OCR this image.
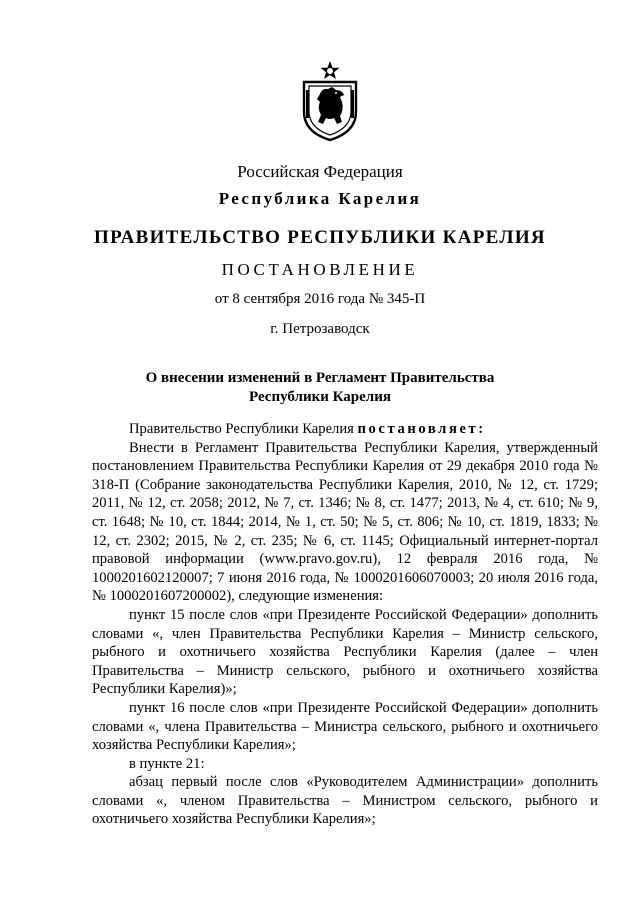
Российская Федерация
Республика Карелия
ПРАВИТЕЛЬСТВО РЕСПУБЛИКИ КАРЕЛИЯ
ПОСТАНОВЛЕНИЕ
от 8 сентября 2016 года № 345-П
г. Петрозаводск
О внесении изменений в Регламент Правительства
Республики Карелия

Правительство Республики Карелия постановляет:

Внести в Регламент Правительства Республики Карелия, утвержденный постановлением Правительства Республики Карелия от 29 декабря 2010 года № 318-П (Собрание законодательства Республики Карелия, 2010, № 12, ст. 1729; 2011, № 12, ст. 2058; 2012, № 7, ст. 1346; № 8, ст. 1477; 2013, № 4, ст. 610; № 9, ст. 1648; № 10, ст. 1844; 2014, № 1, ст. 50; № 5, ст. 806; № 10, ст. 1819, 1833; № 12, ст. 2302; 2015, № 2, ст. 235; № 6, ст. 1145; Официальный интернет-портал правовой информации (www.pravo.gov.ru), 12 февраля 2016 года, № 1000201602120007; 7 июня 2016 года, № 1000201606070003; 20 июля 2016 года, № 1000201607200002), следующие изменения:

пункт 15 после слов «при Президенте Российской Федерации» дополнить словами «, член Правительства Республики Карелия – Министр сельского, рыбного и охотничьего хозяйства Республики Карелия (далее – член Правительства – Министр сельского, рыбного и охотничьего хозяйства Республики Карелия)»;

пункт 16 после слов «при Президенте Российской Федерации» дополнить словами «, члена Правительства – Министра сельского, рыбного и охотничьего хозяйства Республики Карелия»;

в пункте 21:

абзац первый после слов «Руководителем Администрации» дополнить словами «, членом Правительства – Министром сельского, рыбного и охотничьего хозяйства Республики Карелия»;
